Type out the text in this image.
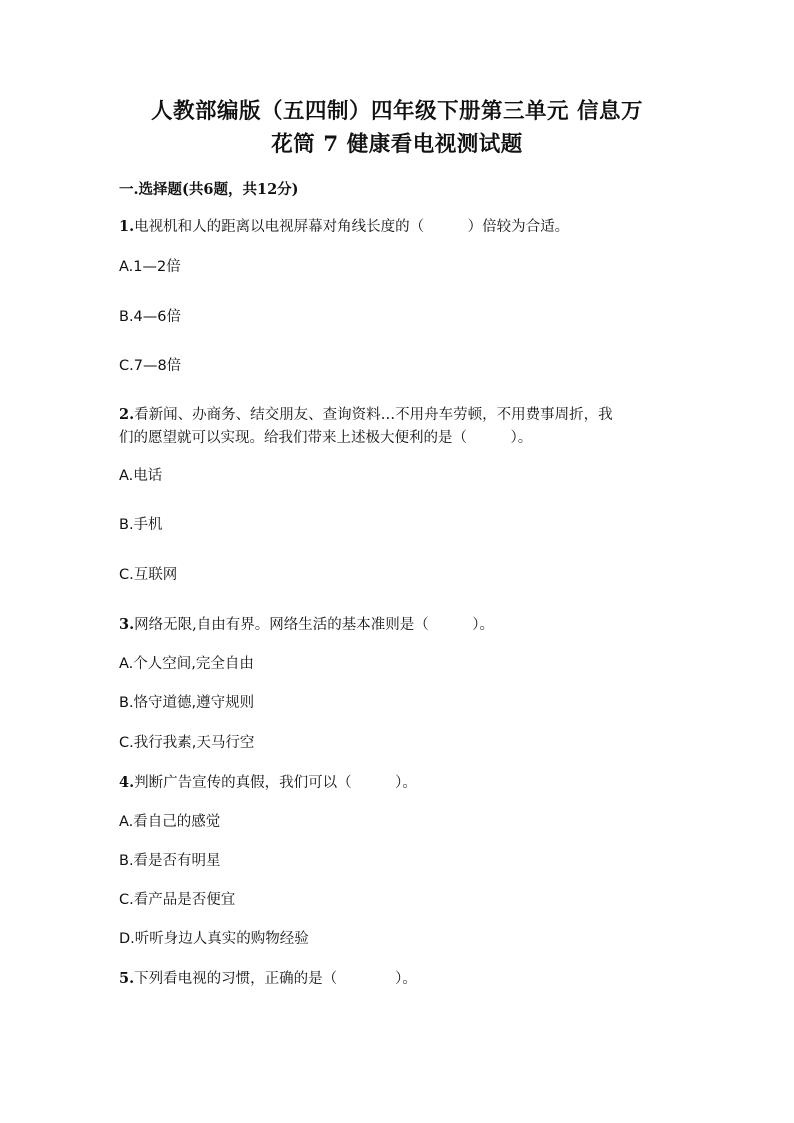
人教部编版（五四制）四年级下册第三单元 信息万
花筒 7 健康看电视测试题
一.选择题(共6题，共12分)
1.电视机和人的距离以电视屏幕对角线长度的（　　　）倍较为合适。
A.1—2倍
B.4—6倍
C.7—8倍
2.看新闻、办商务、结交朋友、查询资料…不用舟车劳顿，不用费事周折，我
们的愿望就可以实现。给我们带来上述极大便利的是（　　　）。
A.电话
B.手机
C.互联网
3.网络无限,自由有界。网络生活的基本准则是（　　　）。
A.个人空间,完全自由
B.恪守道德,遵守规则
C.我行我素,天马行空
4.判断广告宣传的真假，我们可以（　　　）。
A.看自己的感觉
B.看是否有明星
C.看产品是否便宜
D.听听身边人真实的购物经验
5.下列看电视的习惯，正确的是（　　　　）。
